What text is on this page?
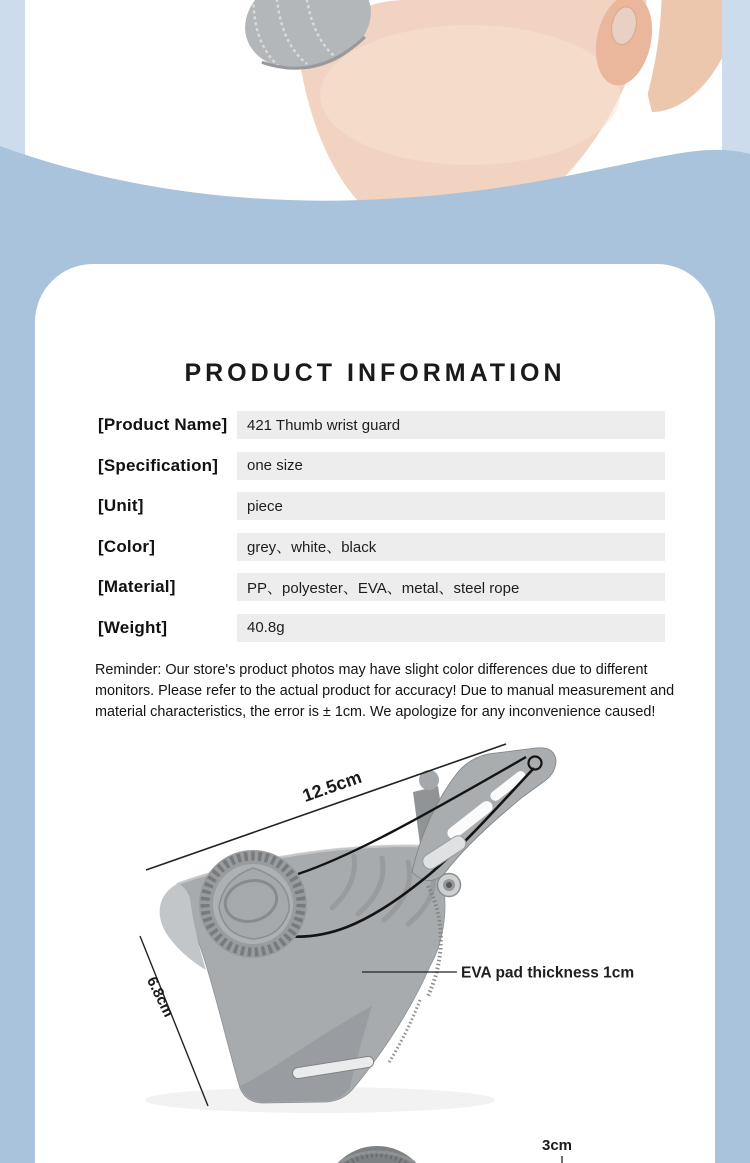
PRODUCT INFORMATION
[Product Name]	421 Thumb wrist guard
[Specification]	one size
[Unit]	piece
[Color]	grey、white、black
[Material]	PP、polyester、EVA、metal、steel rope
[Weight]	40.8g

Reminder: Our store's product photos may have slight color differences due to different monitors. Please refer to the actual product for accuracy! Due to manual measurement and material characteristics, the error is ± 1cm. We apologize for any inconvenience caused!

12.5cm
6.8cm
EVA pad thickness 1cm
3cm
